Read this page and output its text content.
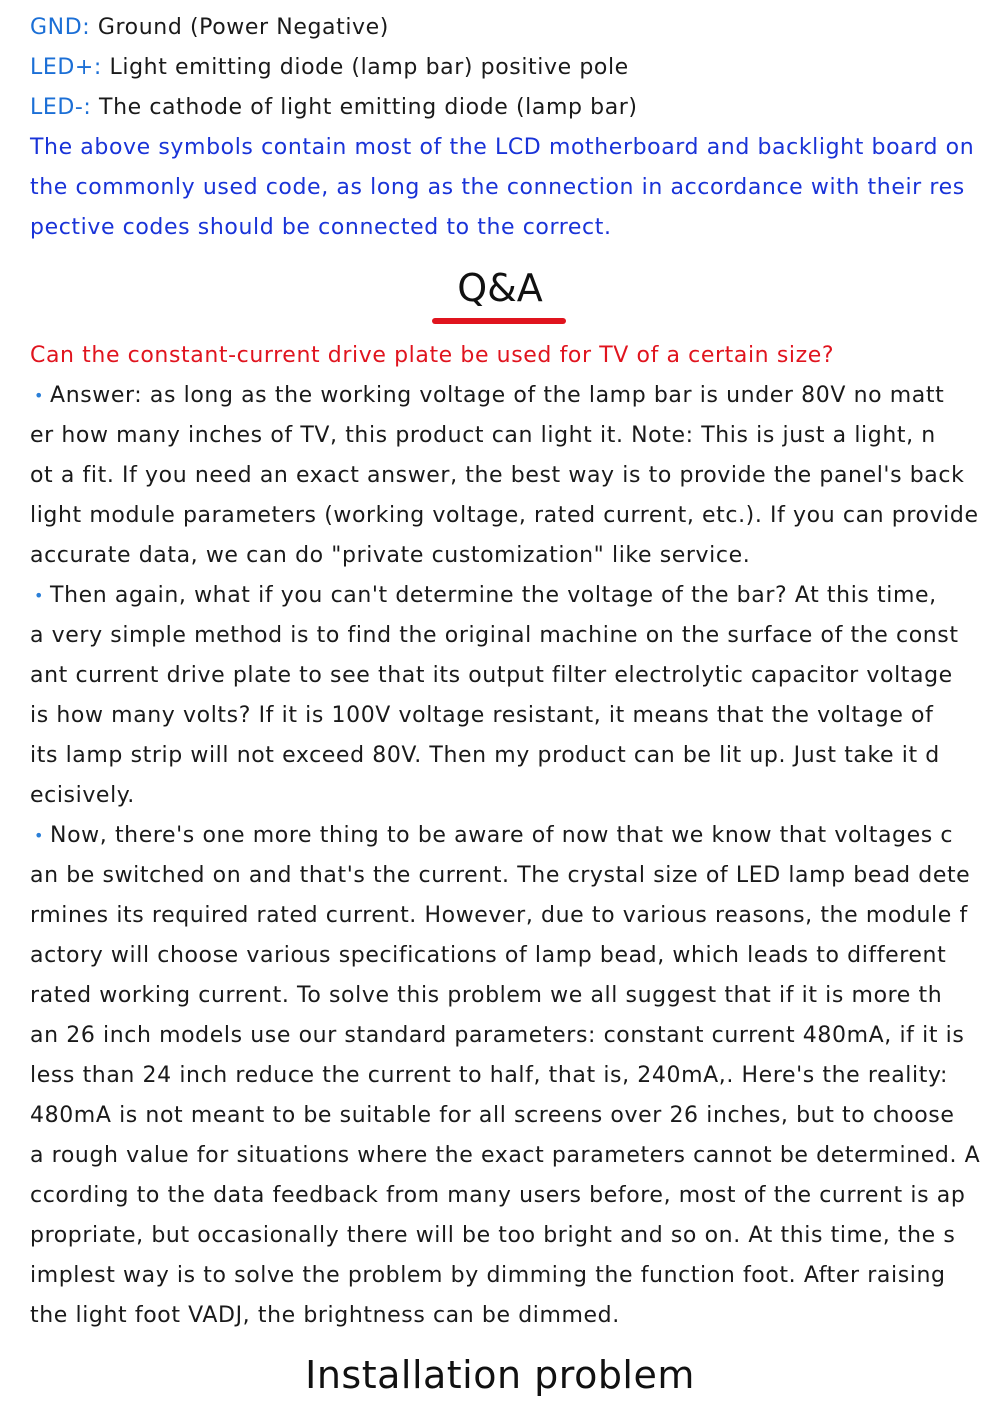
GND: Ground (Power Negative)
LED+: Light emitting diode (lamp bar) positive pole
LED-: The cathode of light emitting diode (lamp bar)
The above symbols contain most of the LCD motherboard and backlight board on
the commonly used code, as long as the connection in accordance with their res
pective codes should be connected to the correct.
Q&A
Can the constant-current drive plate be used for TV of a certain size?
• Answer: as long as the working voltage of the lamp bar is under 80V no matt
er how many inches of TV, this product can light it. Note: This is just a light, n
ot a fit. If you need an exact answer, the best way is to provide the panel's back
light module parameters (working voltage, rated current, etc.). If you can provide
accurate data, we can do "private customization" like service.
• Then again, what if you can't determine the voltage of the bar? At this time,
a very simple method is to find the original machine on the surface of the const
ant current drive plate to see that its output filter electrolytic capacitor voltage
is how many volts? If it is 100V voltage resistant, it means that the voltage of
its lamp strip will not exceed 80V. Then my product can be lit up. Just take it d
ecisively.
• Now, there's one more thing to be aware of now that we know that voltages c
an be switched on and that's the current. The crystal size of LED lamp bead dete
rmines its required rated current. However, due to various reasons, the module f
actory will choose various specifications of lamp bead, which leads to different
rated working current. To solve this problem we all suggest that if it is more th
an 26 inch models use our standard parameters: constant current 480mA, if it is
less than 24 inch reduce the current to half, that is, 240mA,. Here's the reality:
480mA is not meant to be suitable for all screens over 26 inches, but to choose
a rough value for situations where the exact parameters cannot be determined. A
ccording to the data feedback from many users before, most of the current is ap
propriate, but occasionally there will be too bright and so on. At this time, the s
implest way is to solve the problem by dimming the function foot. After raising
the light foot VADJ, the brightness can be dimmed.
Installation problem
